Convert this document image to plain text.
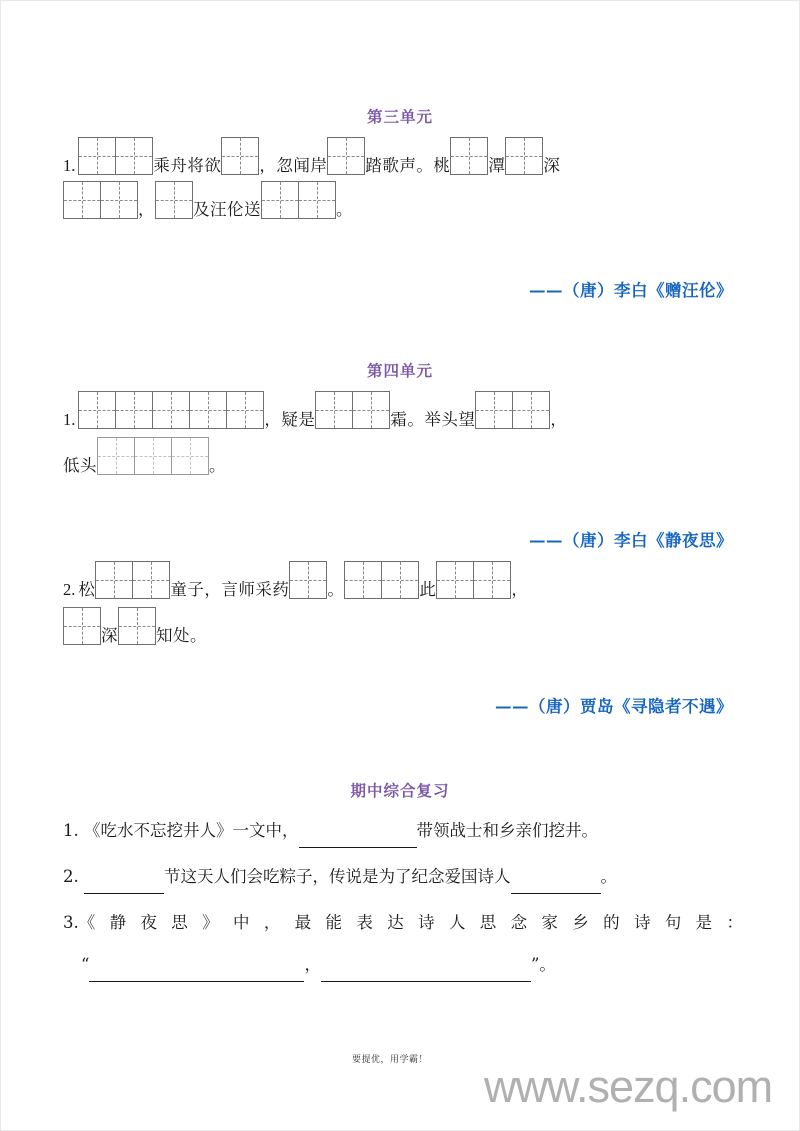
第三单元
1.	乘舟将欲 ，忽闻岸 踏歌声。桃 潭 深
， 及汪伦送	。
——（唐）李白《赠汪伦》
第四单元
1.	，疑是	霜。举头望	，
低头	。
——（唐）李白《静夜思》
2. 松	童子，言师采药 。	此	，
深 知处。
——（唐）贾岛《寻隐者不遇》
期中综合复习
1. 《吃水不忘挖井人》一文中，	带领战士和乡亲们挖井。
2.	节这天人们会吃粽子，传说是为了纪念爱国诗人	。
3. 《 静 夜 思 》 中 ， 最 能 表 达 诗 人 思 念 家 乡 的 诗 句 是 ：
“	，	”。
要提优，用学霸！
www.sezq.com
